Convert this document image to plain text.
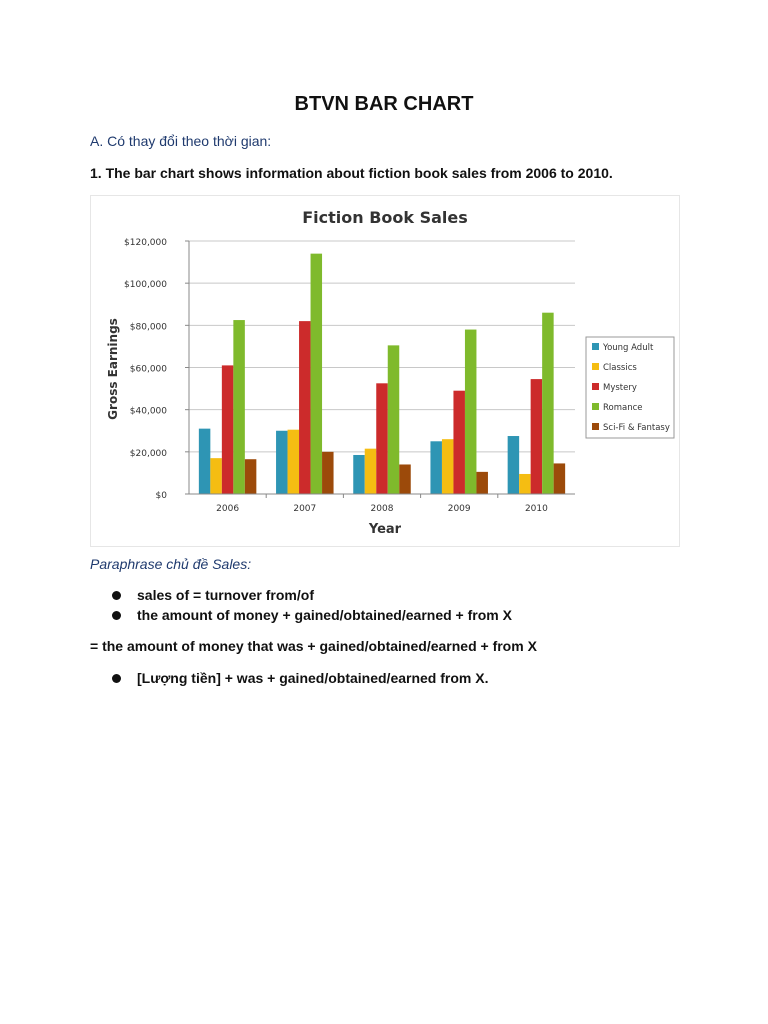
BTVN BAR CHART
A. Có thay đổi theo thời gian:
1. The bar chart shows information about fiction book sales from 2006 to 2010.
Fiction Book Sales
Gross Earnings
Year
$0
$20,000
$40,000
$60,000
$80,000
$100,000
$120,000
2006	2007	2008	2009	2010
Young Adult
Classics
Mystery
Romance
Sci-Fi & Fantasy
Paraphrase chủ đề Sales:
sales of = turnover from/of
the amount of money + gained/obtained/earned + from X
= the amount of money that was + gained/obtained/earned + from X
[Lượng tiền] + was + gained/obtained/earned from X.
